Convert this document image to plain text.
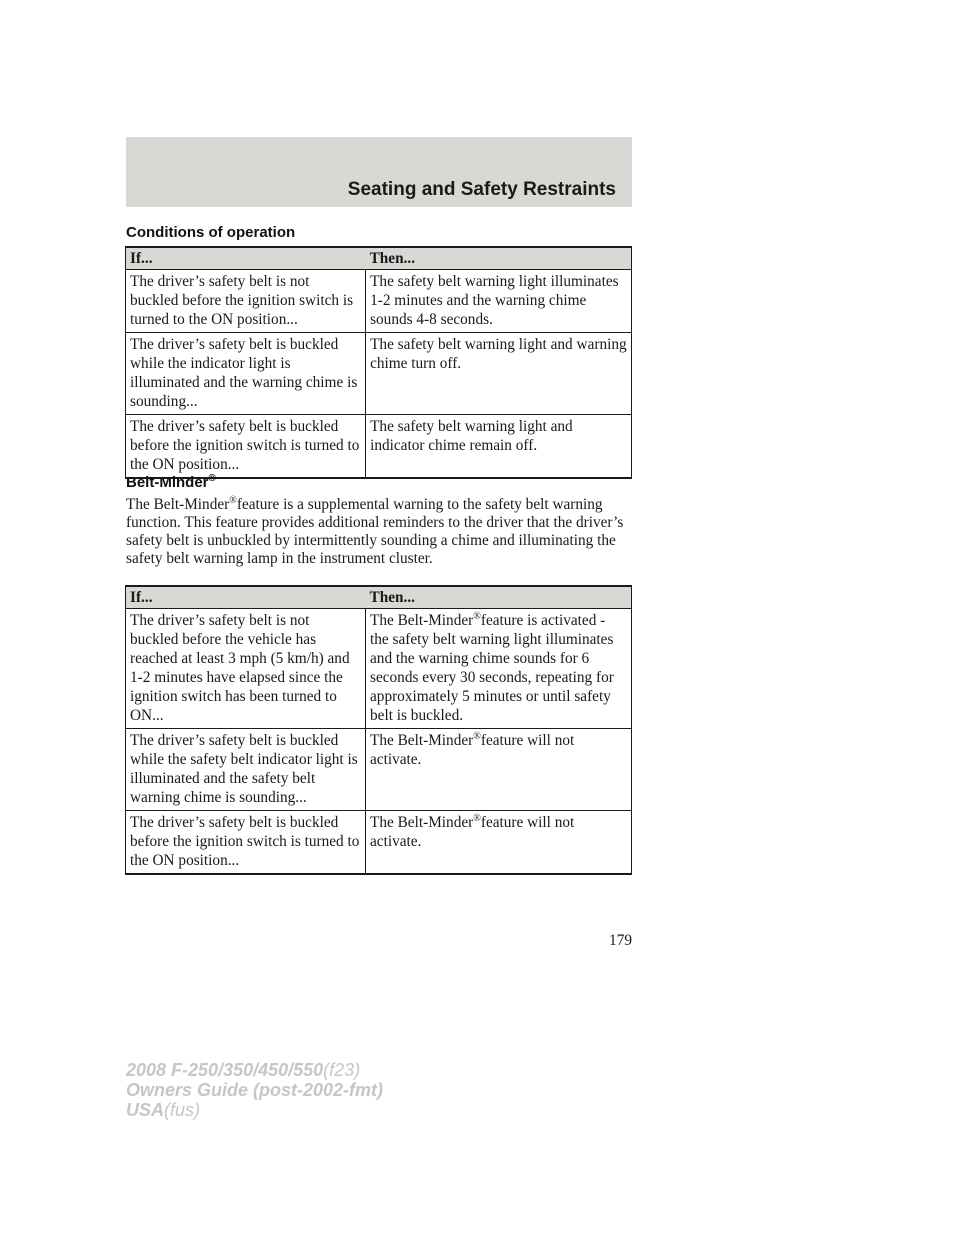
Seating and Safety Restraints
Conditions of operation
If...	Then...
The driver’s safety belt is not buckled before the ignition switch is turned to the ON position...	The safety belt warning light illuminates 1-2 minutes and the warning chime sounds 4-8 seconds.
The driver’s safety belt is buckled while the indicator light is illuminated and the warning chime is sounding...	The safety belt warning light and warning chime turn off.
The driver’s safety belt is buckled before the ignition switch is turned to the ON position...	The safety belt warning light and indicator chime remain off.
Belt-Minder®

The Belt-Minder®feature is a supplemental warning to the safety belt warning function. This feature provides additional reminders to the driver that the driver’s safety belt is unbuckled by intermittently sounding a chime and illuminating the safety belt warning lamp in the instrument cluster.

If...	Then...
The driver’s safety belt is not buckled before the vehicle has reached at least 3 mph (5 km/h) and 1-2 minutes have elapsed since the ignition switch has been turned to ON...	The Belt-Minder®feature is activated - the safety belt warning light illuminates and the warning chime sounds for 6 seconds every 30 seconds, repeating for approximately 5 minutes or until safety belt is buckled.
The driver’s safety belt is buckled while the safety belt indicator light is illuminated and the safety belt warning chime is sounding...	The Belt-Minder®feature will not activate.
The driver’s safety belt is buckled before the ignition switch is turned to the ON position...	The Belt-Minder®feature will not activate.
179
2008 F-250/350/450/550(f23)
Owners Guide (post-2002-fmt)
USA(fus)
